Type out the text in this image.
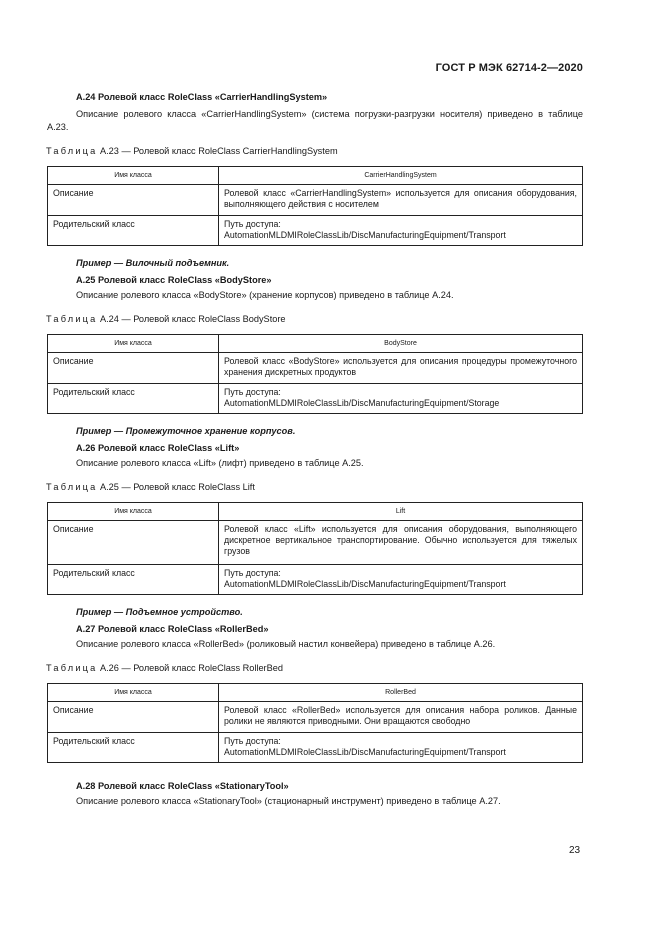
ГОСТ Р МЭК 62714-2—2020
А.24 Ролевой класс RoleClass «CarrierHandlingSystem»

Описание ролевого класса «CarrierHandlingSystem» (система погрузки-разгрузки носителя) приведено в таблице А.23.

Таблица А.23 — Ролевой класс RoleClass CarrierHandlingSystem
Имя класса	CarrierHandlingSystem
Описание	Ролевой класс «CarrierHandlingSystem» используется для описания оборудования, выполняющего действия с носителем
Родительский класс	Путь доступа:
AutomationMLDMIRoleClassLib/DiscManufacturingEquipment/Transport
Пример — Вилочный подъемник.
А.25 Ролевой класс RoleClass «BodyStore»

Описание ролевого класса «BodyStore» (хранение корпусов) приведено в таблице А.24.

Таблица А.24 — Ролевой класс RoleClass BodyStore
Имя класса	BodyStore
Описание	Ролевой класс «BodyStore» используется для описания процедуры промежуточного хранения дискретных продуктов
Родительский класс	Путь доступа:
AutomationMLDMIRoleClassLib/DiscManufacturingEquipment/Storage
Пример — Промежуточное хранение корпусов.
А.26 Ролевой класс RoleClass «Lift»

Описание ролевого класса «Lift» (лифт) приведено в таблице А.25.

Таблица А.25 — Ролевой класс RoleClass Lift
Имя класса	Lift
Описание	Ролевой класс «Lift» используется для описания оборудования, выполняющего дискретное вертикальное транспортирование. Обычно используется для тяжелых грузов
Родительский класс	Путь доступа:
AutomationMLDMIRoleClassLib/DiscManufacturingEquipment/Transport
Пример — Подъемное устройство.
А.27 Ролевой класс RoleClass «RollerBed»

Описание ролевого класса «RollerBed» (роликовый настил конвейера) приведено в таблице А.26.

Таблица А.26 — Ролевой класс RoleClass RollerBed
Имя класса	RollerBed
Описание	Ролевой класс «RollerBed» используется для описания набора роликов. Данные ролики не являются приводными. Они вращаются свободно
Родительский класс	Путь доступа:
AutomationMLDMIRoleClassLib/DiscManufacturingEquipment/Transport
А.28 Ролевой класс RoleClass «StationaryTool»

Описание ролевого класса «StationaryTool» (стационарный инструмент) приведено в таблице А.27.

23
